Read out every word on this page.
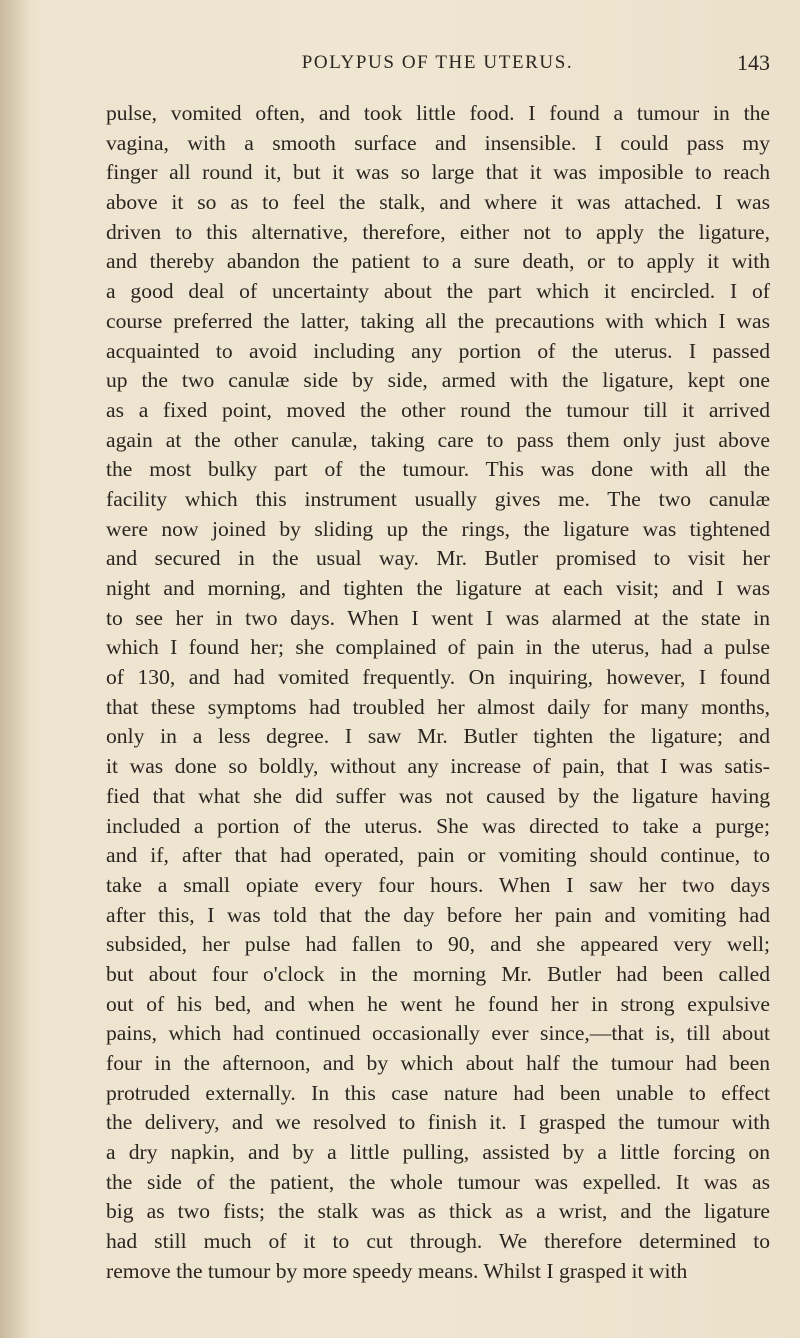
POLYPUS OF THE UTERUS.	143
pulse, vomited often, and took little food. I found a tumour in the
vagina, with a smooth surface and insensible. I could pass my
finger all round it, but it was so large that it was imposible to reach
above it so as to feel the stalk, and where it was attached. I was
driven to this alternative, therefore, either not to apply the ligature,
and thereby abandon the patient to a sure death, or to apply it with
a good deal of uncertainty about the part which it encircled. I of
course preferred the latter, taking all the precautions with which I was
acquainted to avoid including any portion of the uterus. I passed
up the two canulæ side by side, armed with the ligature, kept one
as a fixed point, moved the other round the tumour till it arrived
again at the other canulæ, taking care to pass them only just above
the most bulky part of the tumour. This was done with all the
facility which this instrument usually gives me. The two canulæ
were now joined by sliding up the rings, the ligature was tightened
and secured in the usual way. Mr. Butler promised to visit her
night and morning, and tighten the ligature at each visit; and I was
to see her in two days. When I went I was alarmed at the state in
which I found her; she complained of pain in the uterus, had a pulse
of 130, and had vomited frequently. On inquiring, however, I found
that these symptoms had troubled her almost daily for many months,
only in a less degree. I saw Mr. Butler tighten the ligature; and
it was done so boldly, without any increase of pain, that I was satis-
fied that what she did suffer was not caused by the ligature having
included a portion of the uterus. She was directed to take a purge;
and if, after that had operated, pain or vomiting should continue, to
take a small opiate every four hours. When I saw her two days
after this, I was told that the day before her pain and vomiting had
subsided, her pulse had fallen to 90, and she appeared very well;
but about four o'clock in the morning Mr. Butler had been called
out of his bed, and when he went he found her in strong expulsive
pains, which had continued occasionally ever since,—that is, till about
four in the afternoon, and by which about half the tumour had been
protruded externally. In this case nature had been unable to effect
the delivery, and we resolved to finish it. I grasped the tumour with
a dry napkin, and by a little pulling, assisted by a little forcing on
the side of the patient, the whole tumour was expelled. It was as
big as two fists; the stalk was as thick as a wrist, and the ligature
had still much of it to cut through. We therefore determined to
remove the tumour by more speedy means. Whilst I grasped it with
